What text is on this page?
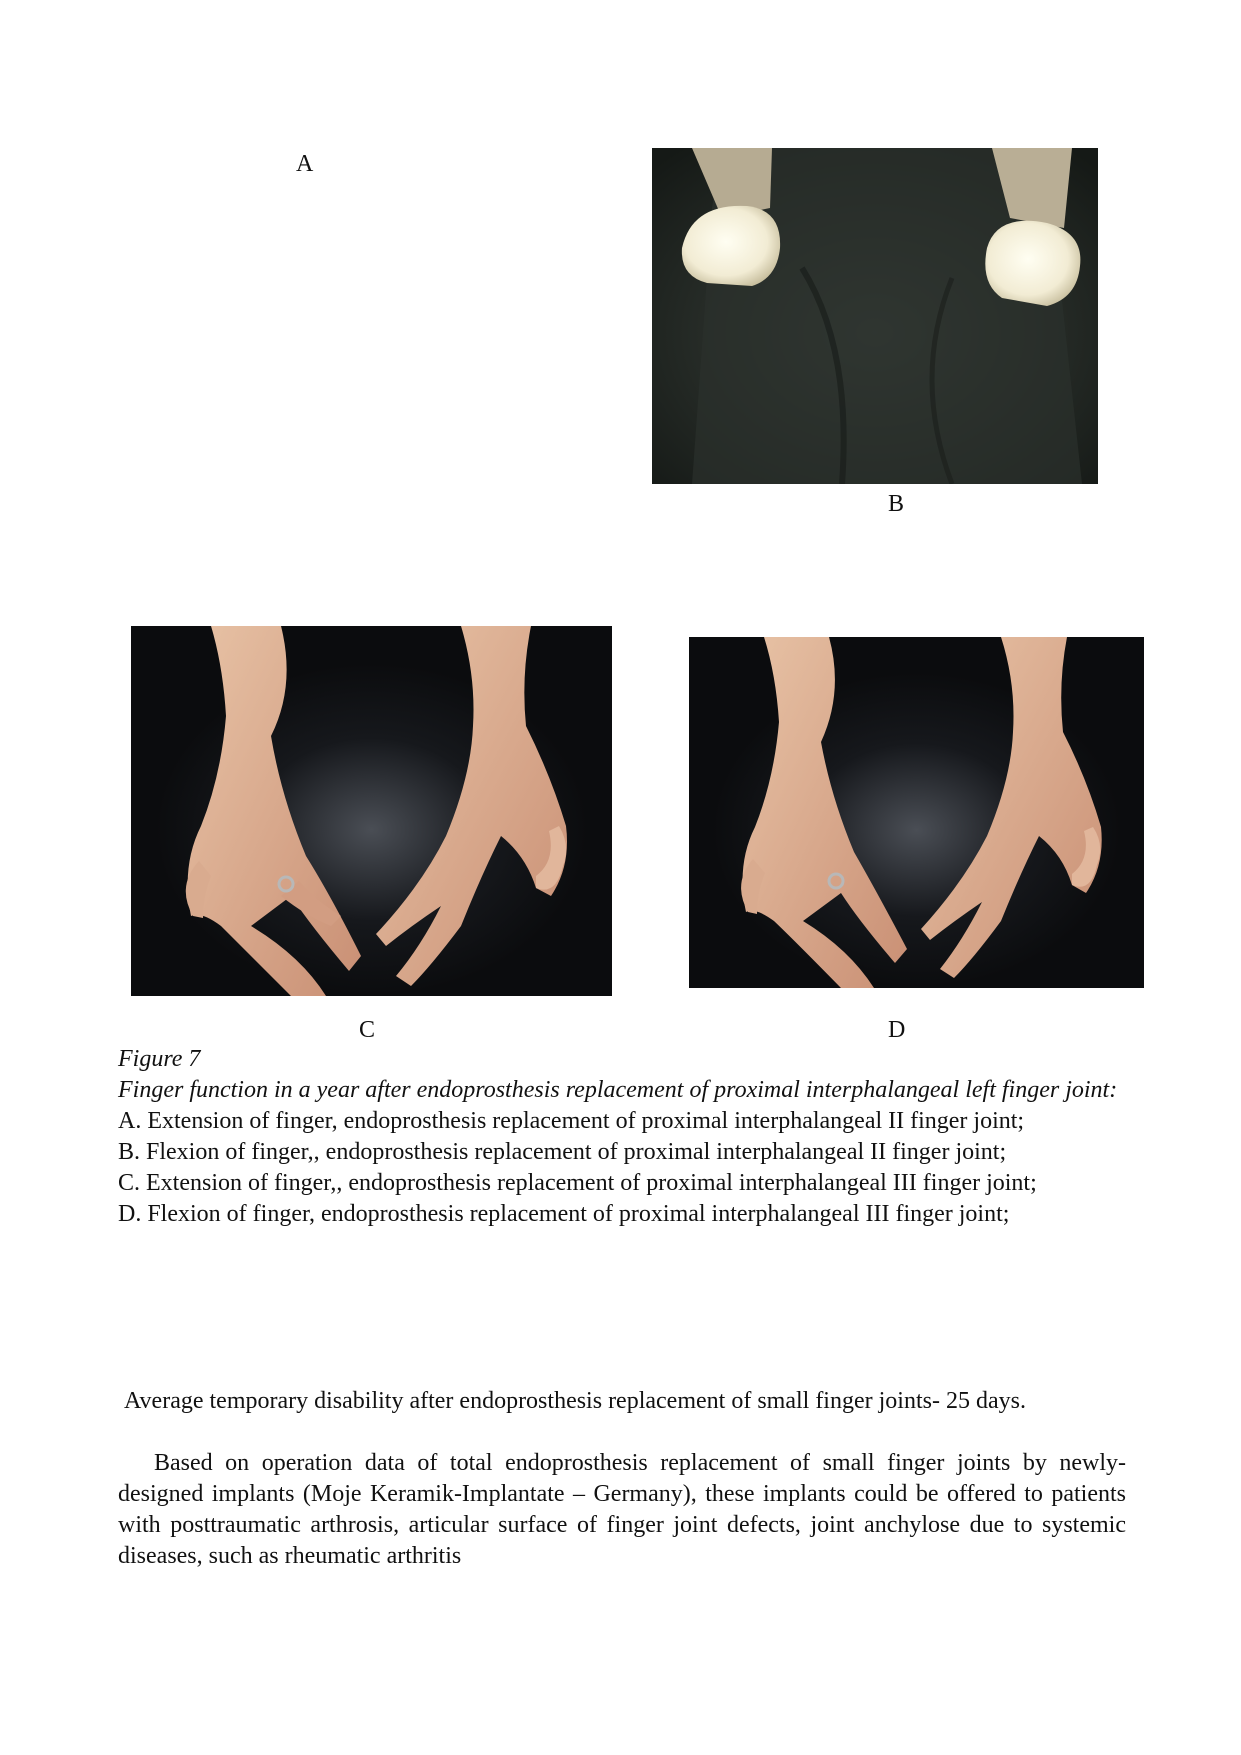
A
B
C	D
Figure 7
Finger function in a year after endoprosthesis replacement of proximal interphalangeal left finger joint:
A. Extension of finger, endoprosthesis replacement of proximal interphalangeal II finger joint;
B. Flexion of finger,, endoprosthesis replacement of proximal interphalangeal II finger joint;
C. Extension of finger,, endoprosthesis replacement of proximal interphalangeal III finger joint;
D. Flexion of finger, endoprosthesis replacement of proximal interphalangeal III finger joint;
Average temporary disability after endoprosthesis replacement of small finger joints- 25 days.
Based on operation data of total endoprosthesis replacement of small finger joints by newly-designed implants (Moje Keramik-Implantate – Germany), these implants could be offered to patients with posttraumatic arthrosis, articular surface of finger joint defects, joint anchylose due to systemic diseases, such as rheumatic arthritis
